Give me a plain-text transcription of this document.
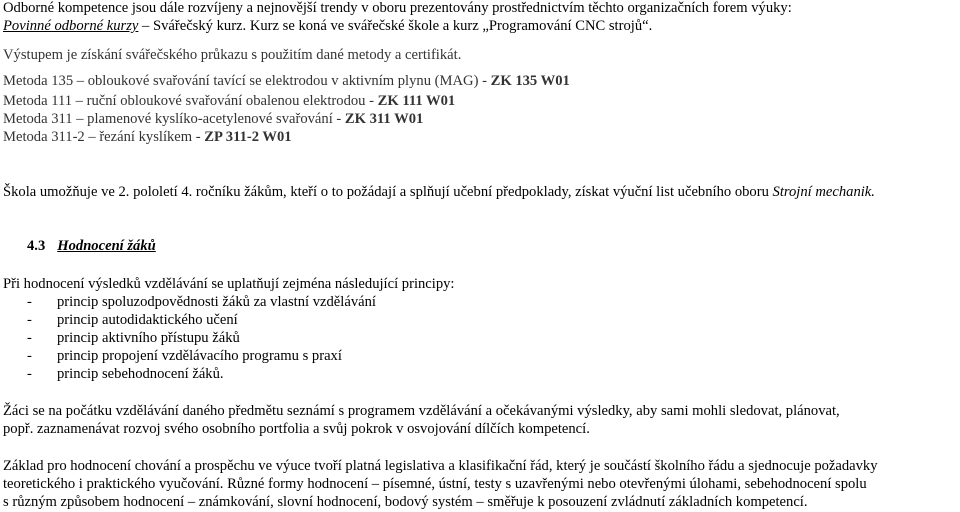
Odborné kompetence jsou dále rozvíjeny a nejnovější trendy v oboru prezentovány prostřednictvím těchto organizačních forem výuky:
Povinné odborné kurzy – Svářečský kurz. Kurz se koná ve svářečské škole a kurz „Programování CNC strojů“.
Výstupem je získání svářečského průkazu s použitím dané metody a certifikát.
Metoda 135 – obloukové svařování tavící se elektrodou v aktivním plynu (MAG) - ZK 135 W01
Metoda 111 – ruční obloukové svařování obalenou elektrodou - ZK 111 W01
Metoda 311 – plamenové kyslíko-acetylenové svařování - ZK 311 W01
Metoda 311-2 – řezání kyslíkem - ZP 311-2 W01
Škola umožňuje ve 2. pololetí 4. ročníku žákům, kteří o to požádají a splňují učební předpoklady, získat výuční list učebního oboru Strojní mechanik.
4.3 Hodnocení žáků
Při hodnocení výsledků vzdělávání se uplatňují zejména následující principy:
- princip spoluzodpovědnosti žáků za vlastní vzdělávání
- princip autodidaktického učení
- princip aktivního přístupu žáků
- princip propojení vzdělávacího programu s praxí
- princip sebehodnocení žáků.
Žáci se na počátku vzdělávání daného předmětu seznámí s programem vzdělávání a očekávanými výsledky, aby sami mohli sledovat, plánovat,
popř. zaznamenávat rozvoj svého osobního portfolia a svůj pokrok v osvojování dílčích kompetencí.
Základ pro hodnocení chování a prospěchu ve výuce tvoří platná legislativa a klasifikační řád, který je součástí školního řádu a sjednocuje požadavky
teoretického i praktického vyučování. Různé formy hodnocení – písemné, ústní, testy s uzavřenými nebo otevřenými úlohami, sebehodnocení spolu
s různým způsobem hodnocení – známkování, slovní hodnocení, bodový systém – směřuje k posouzení zvládnutí základních kompetencí.
